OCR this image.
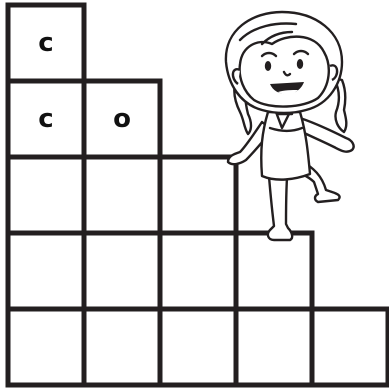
c
c o
